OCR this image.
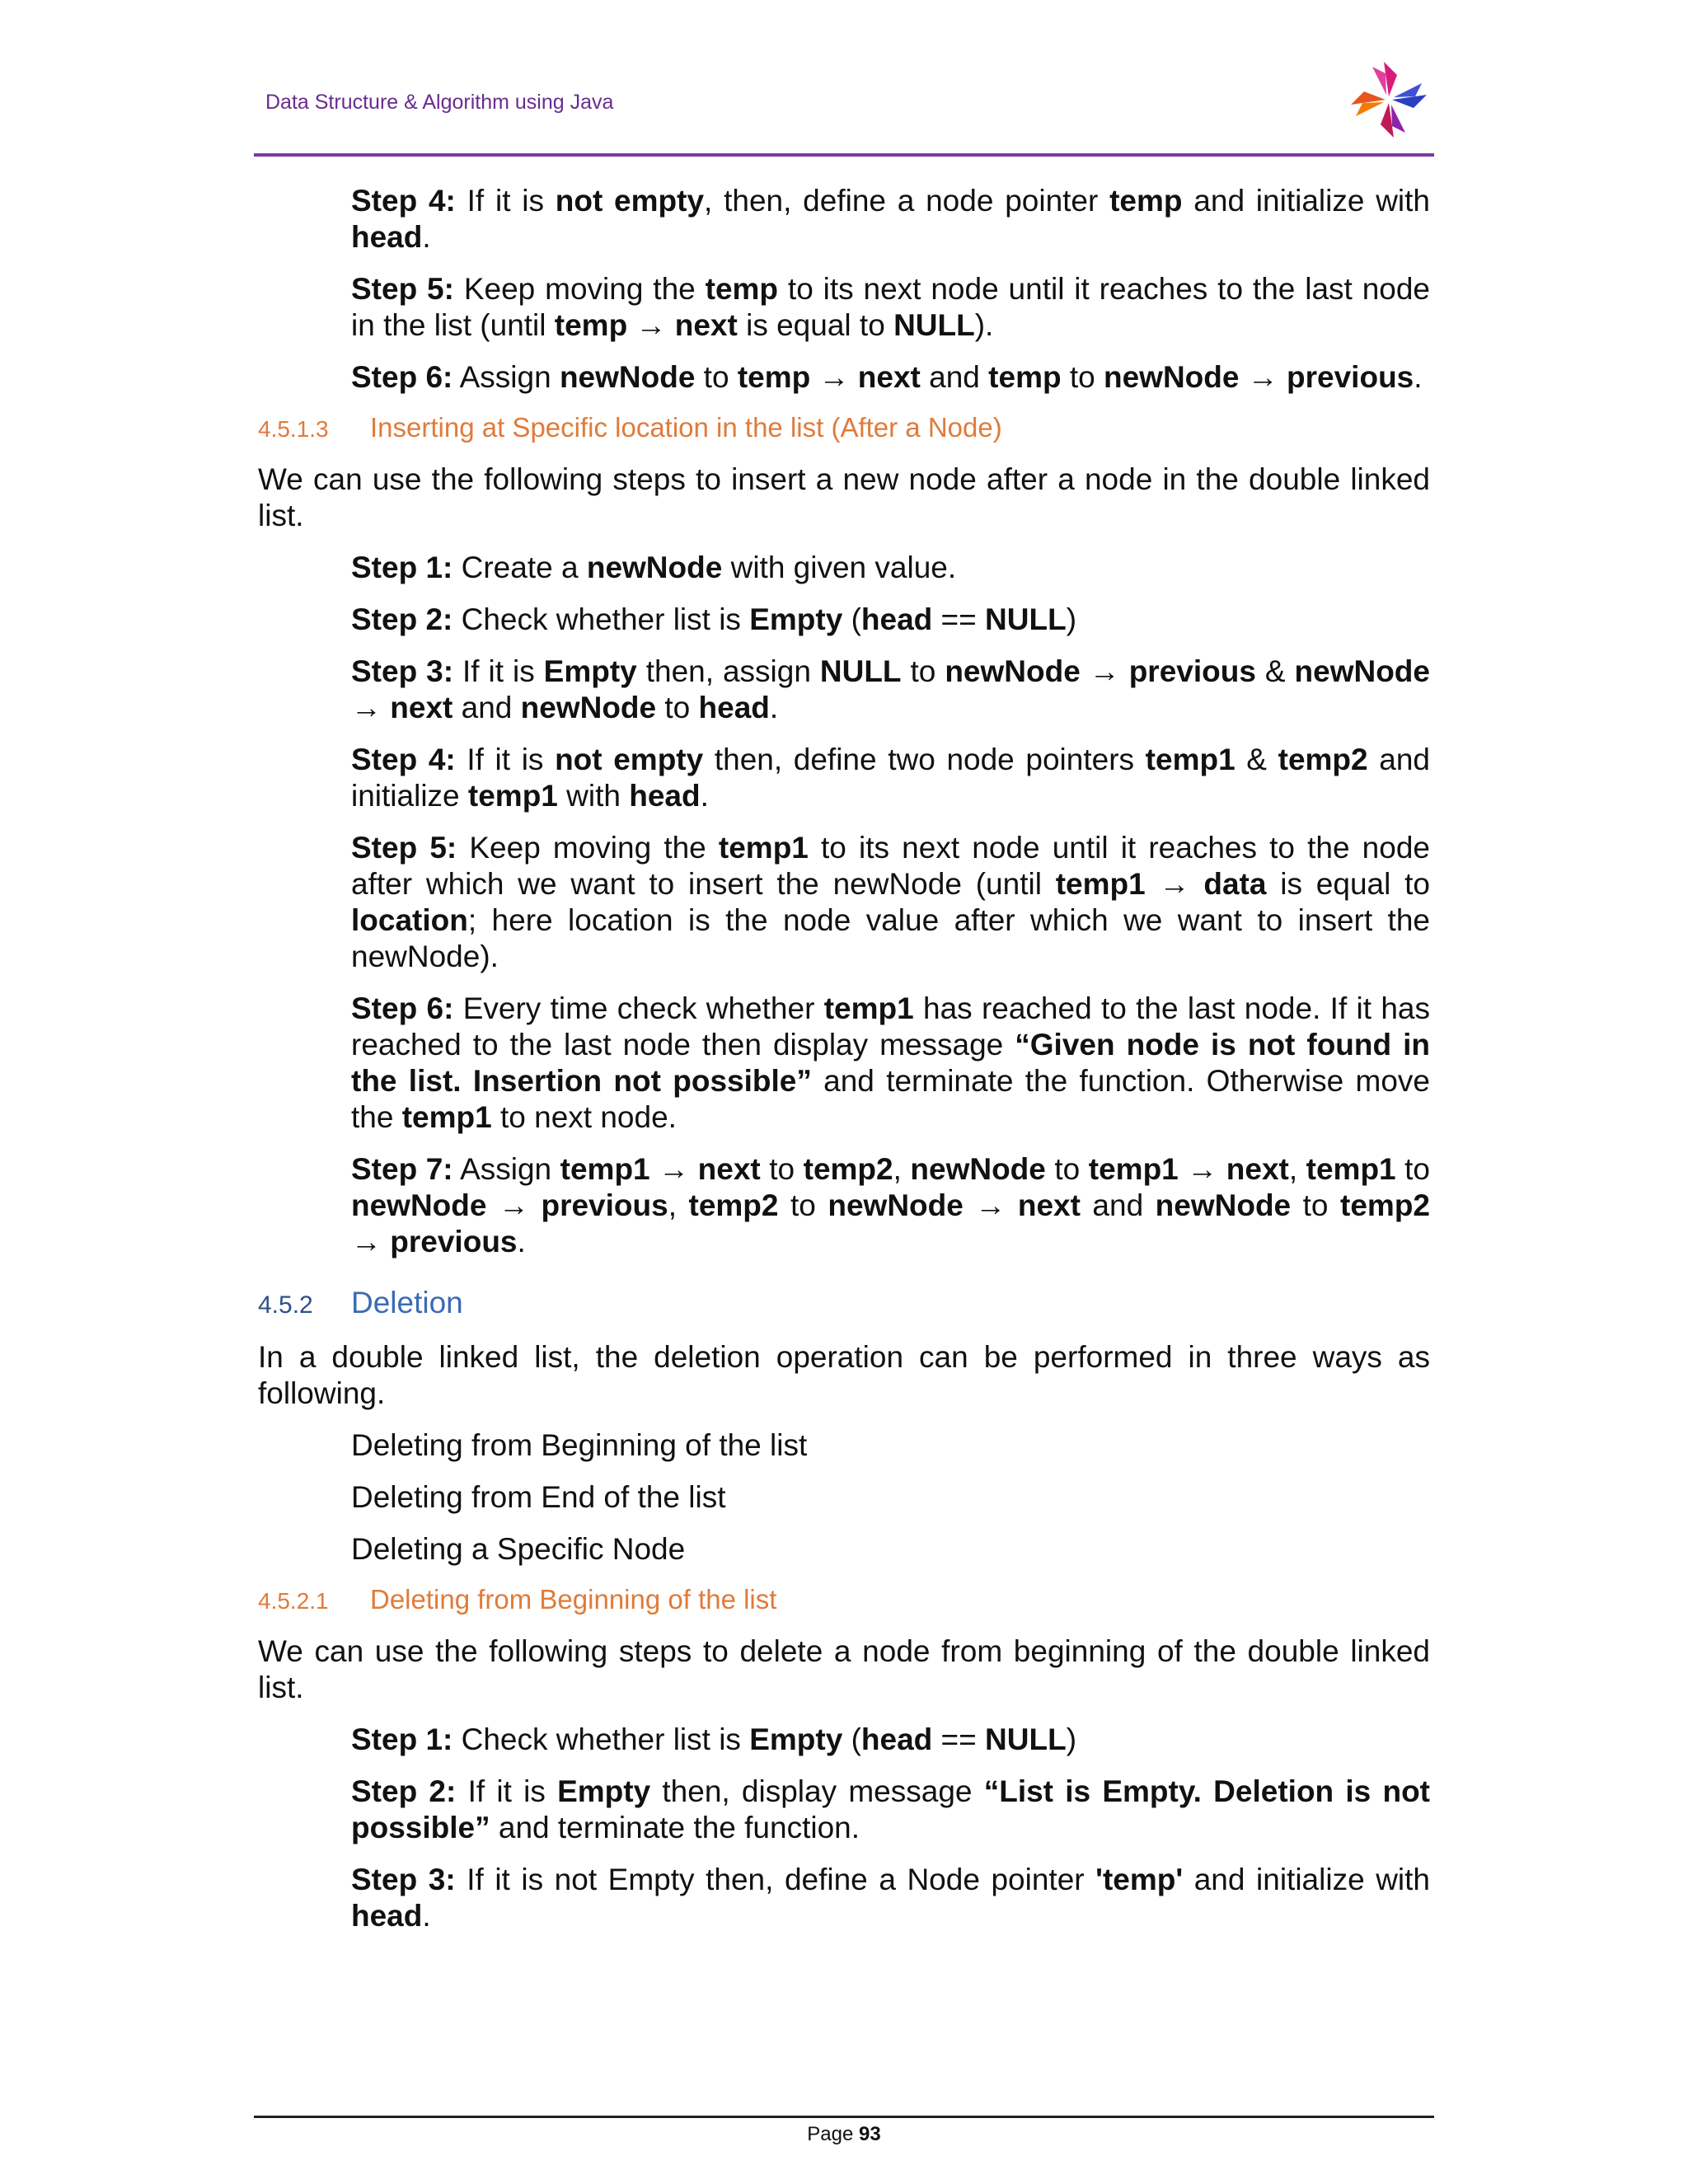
Data Structure & Algorithm using Java
Step 4: If it is not empty, then, define a node pointer temp and initialize with head.
Step 5: Keep moving the temp to its next node until it reaches to the last node in the list (until temp → next is equal to NULL).
Step 6: Assign newNode to temp → next and temp to newNode → previous.
4.5.1.3 Inserting at Specific location in the list (After a Node)
We can use the following steps to insert a new node after a node in the double linked list.
Step 1: Create a newNode with given value.
Step 2: Check whether list is Empty (head == NULL)
Step 3: If it is Empty then, assign NULL to newNode → previous & newNode → next and newNode to head.
Step 4: If it is not empty then, define two node pointers temp1 & temp2 and initialize temp1 with head.
Step 5: Keep moving the temp1 to its next node until it reaches to the node after which we want to insert the newNode (until temp1 → data is equal to location; here location is the node value after which we want to insert the newNode).
Step 6: Every time check whether temp1 has reached to the last node. If it has reached to the last node then display message “Given node is not found in the list. Insertion not possible” and terminate the function. Otherwise move the temp1 to next node.
Step 7: Assign temp1 → next to temp2, newNode to temp1 → next, temp1 to newNode → previous, temp2 to newNode → next and newNode to temp2 → previous.
4.5.2 Deletion
In a double linked list, the deletion operation can be performed in three ways as following.
Deleting from Beginning of the list
Deleting from End of the list
Deleting a Specific Node
4.5.2.1 Deleting from Beginning of the list
We can use the following steps to delete a node from beginning of the double linked list.
Step 1: Check whether list is Empty (head == NULL)
Step 2: If it is Empty then, display message “List is Empty. Deletion is not possible” and terminate the function.
Step 3: If it is not Empty then, define a Node pointer 'temp' and initialize with head.
Page 93
